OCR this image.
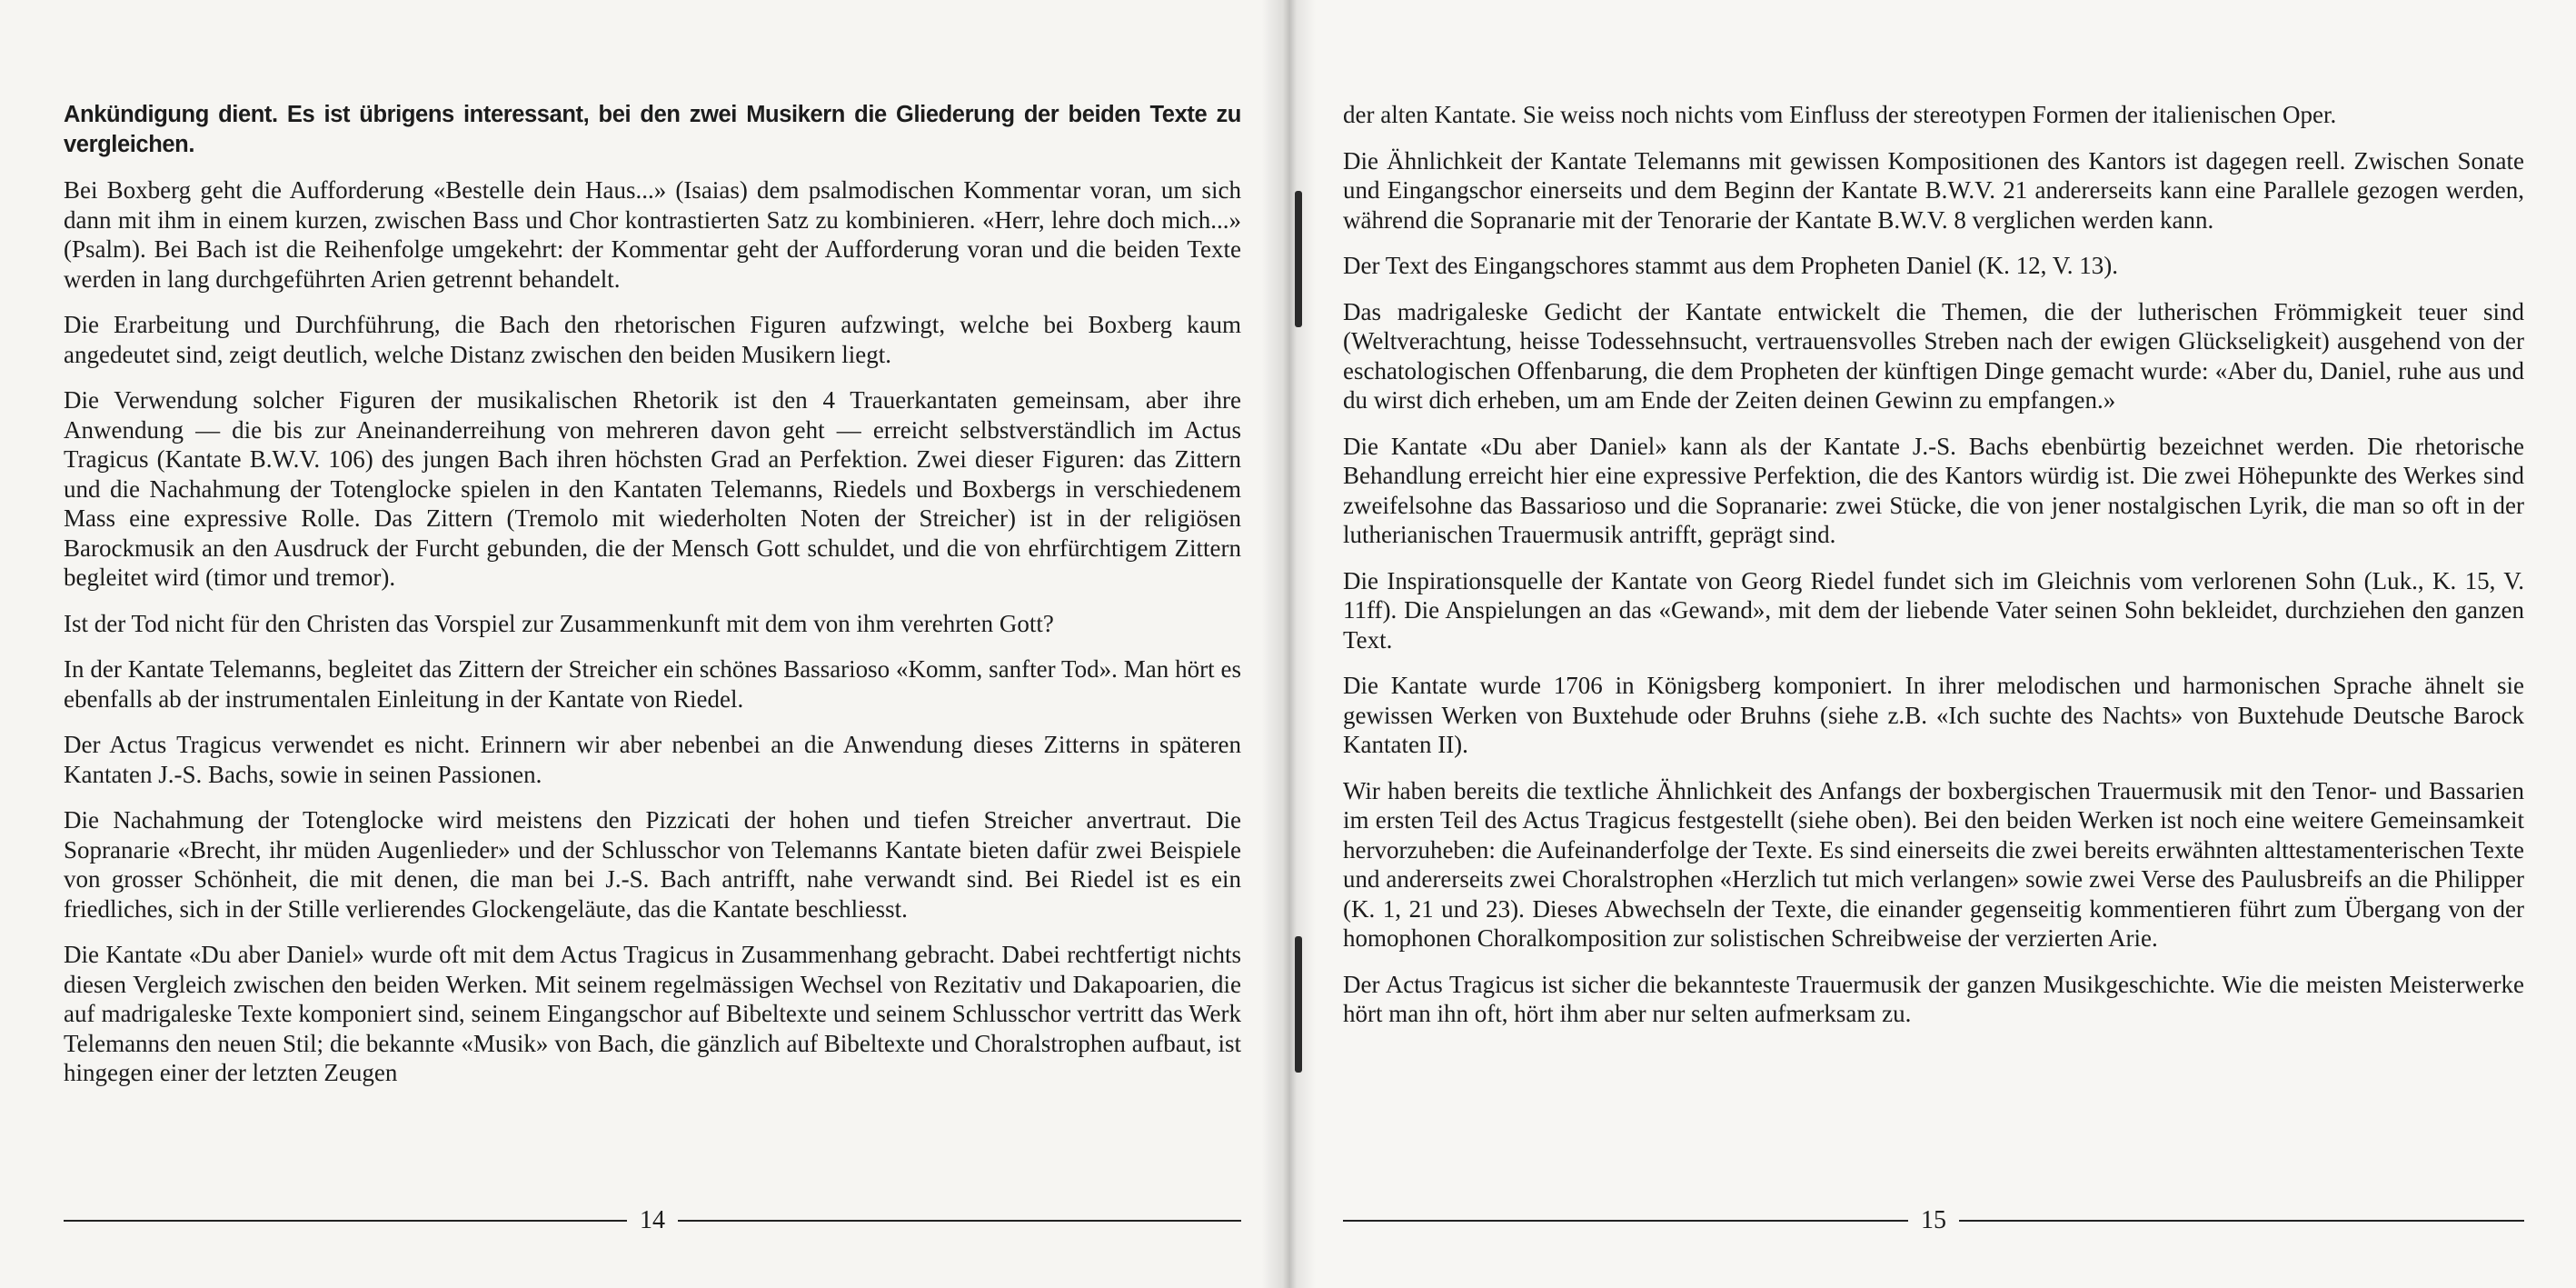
Ankündigung dient. Es ist übrigens interessant, bei den zwei Musikern die Gliederung der beiden Texte zu vergleichen.

Bei Boxberg geht die Aufforderung «Bestelle dein Haus...» (Isaias) dem psalmodischen Kommentar voran, um sich dann mit ihm in einem kurzen, zwischen Bass und Chor kontrastierten Satz zu kombinieren. «Herr, lehre doch mich...» (Psalm). Bei Bach ist die Reihenfolge umgekehrt: der Kommentar geht der Aufforderung voran und die beiden Texte werden in lang durchgeführten Arien getrennt behandelt.

Die Erarbeitung und Durchführung, die Bach den rhetorischen Figuren aufzwingt, welche bei Boxberg kaum angedeutet sind, zeigt deutlich, welche Distanz zwischen den beiden Musikern liegt.

Die Verwendung solcher Figuren der musikalischen Rhetorik ist den 4 Trauerkantaten gemeinsam, aber ihre Anwendung — die bis zur Aneinanderreihung von mehreren davon geht — erreicht selbstverständlich im Actus Tragicus (Kantate B.W.V. 106) des jungen Bach ihren höchsten Grad an Perfektion. Zwei dieser Figuren: das Zittern und die Nachahmung der Totenglocke spielen in den Kantaten Telemanns, Riedels und Boxbergs in verschiedenem Mass eine expressive Rolle. Das Zittern (Tremolo mit wiederholten Noten der Streicher) ist in der religiösen Barockmusik an den Ausdruck der Furcht gebunden, die der Mensch Gott schuldet, und die von ehrfürchtigem Zittern begleitet wird (timor und tremor).

Ist der Tod nicht für den Christen das Vorspiel zur Zusammenkunft mit dem von ihm verehrten Gott?

In der Kantate Telemanns, begleitet das Zittern der Streicher ein schönes Bassarioso «Komm, sanfter Tod». Man hört es ebenfalls ab der instrumentalen Einleitung in der Kantate von Riedel.

Der Actus Tragicus verwendet es nicht. Erinnern wir aber nebenbei an die Anwendung dieses Zitterns in späteren Kantaten J.-S. Bachs, sowie in seinen Passionen.

Die Nachahmung der Totenglocke wird meistens den Pizzicati der hohen und tiefen Streicher anvertraut. Die Sopranarie «Brecht, ihr müden Augenlieder» und der Schlusschor von Telemanns Kantate bieten dafür zwei Beispiele von grosser Schönheit, die mit denen, die man bei J.-S. Bach antrifft, nahe verwandt sind. Bei Riedel ist es ein friedliches, sich in der Stille verlierendes Glockengeläute, das die Kantate beschliesst.

Die Kantate «Du aber Daniel» wurde oft mit dem Actus Tragicus in Zusammenhang gebracht. Dabei rechtfertigt nichts diesen Vergleich zwischen den beiden Werken. Mit seinem regelmässigen Wechsel von Rezitativ und Dakapoarien, die auf madrigaleske Texte komponiert sind, seinem Eingangschor auf Bibeltexte und seinem Schlusschor vertritt das Werk Telemanns den neuen Stil; die bekannte «Musik» von Bach, die gänzlich auf Bibeltexte und Choralstrophen aufbaut, ist hingegen einer der letzten Zeugen

14

der alten Kantate. Sie weiss noch nichts vom Einfluss der stereotypen Formen der italienischen Oper.

Die Ähnlichkeit der Kantate Telemanns mit gewissen Kompositionen des Kantors ist dagegen reell. Zwischen Sonate und Eingangschor einerseits und dem Beginn der Kantate B.W.V. 21 andererseits kann eine Parallele gezogen werden, während die Sopranarie mit der Tenorarie der Kantate B.W.V. 8 verglichen werden kann.

Der Text des Eingangschores stammt aus dem Propheten Daniel (K. 12, V. 13).

Das madrigaleske Gedicht der Kantate entwickelt die Themen, die der lutherischen Frömmigkeit teuer sind (Weltverachtung, heisse Todessehnsucht, vertrauensvolles Streben nach der ewigen Glückseligkeit) ausgehend von der eschatologischen Offenbarung, die dem Propheten der künftigen Dinge gemacht wurde: «Aber du, Daniel, ruhe aus und du wirst dich erheben, um am Ende der Zeiten deinen Gewinn zu empfangen.»

Die Kantate «Du aber Daniel» kann als der Kantate J.-S. Bachs ebenbürtig bezeichnet werden. Die rhetorische Behandlung erreicht hier eine expressive Perfektion, die des Kantors würdig ist. Die zwei Höhepunkte des Werkes sind zweifelsohne das Bassarioso und die Sopranarie: zwei Stücke, die von jener nostalgischen Lyrik, die man so oft in der lutherianischen Trauermusik antrifft, geprägt sind.

Die Inspirationsquelle der Kantate von Georg Riedel fundet sich im Gleichnis vom verlorenen Sohn (Luk., K. 15, V. 11ff). Die Anspielungen an das «Gewand», mit dem der liebende Vater seinen Sohn bekleidet, durchziehen den ganzen Text.

Die Kantate wurde 1706 in Königsberg komponiert. In ihrer melodischen und harmonischen Sprache ähnelt sie gewissen Werken von Buxtehude oder Bruhns (siehe z.B. «Ich suchte des Nachts» von Buxtehude Deutsche Barock Kantaten II).

Wir haben bereits die textliche Ähnlichkeit des Anfangs der boxbergischen Trauermusik mit den Tenor- und Bassarien im ersten Teil des Actus Tragicus festgestellt (siehe oben). Bei den beiden Werken ist noch eine weitere Gemeinsamkeit hervorzuheben: die Aufeinanderfolge der Texte. Es sind einerseits die zwei bereits erwähnten alttestamenterischen Texte und andererseits zwei Choralstrophen «Herzlich tut mich verlangen» sowie zwei Verse des Paulusbreifs an die Philipper (K. 1, 21 und 23). Dieses Abwechseln der Texte, die einander gegenseitig kommentieren führt zum Übergang von der homophonen Choralkomposition zur solistischen Schreibweise der verzierten Arie.

Der Actus Tragicus ist sicher die bekannteste Trauermusik der ganzen Musikgeschichte. Wie die meisten Meisterwerke hört man ihn oft, hört ihm aber nur selten aufmerksam zu.

15
